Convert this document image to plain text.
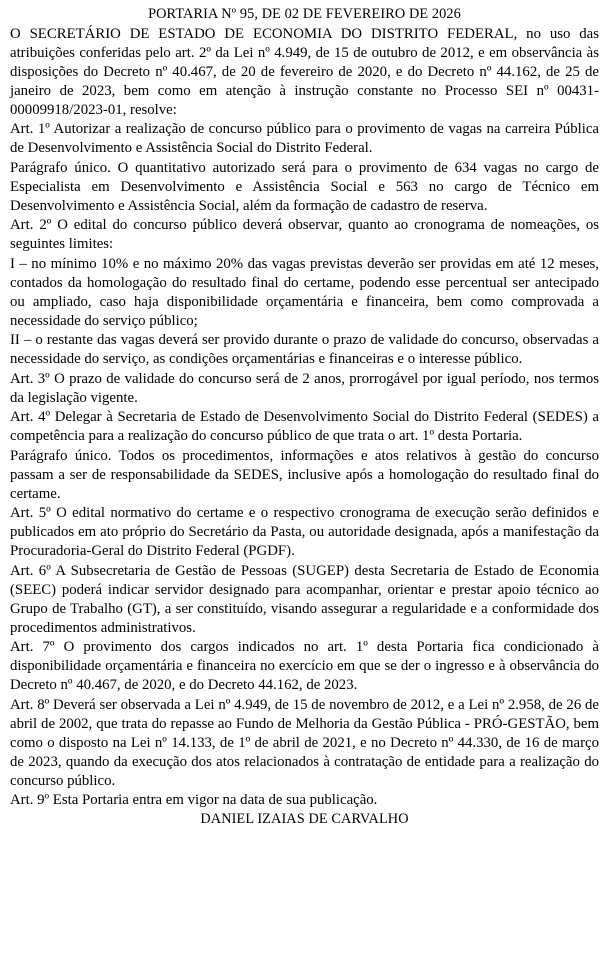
PORTARIA Nº 95, DE 02 DE FEVEREIRO DE 2026

O SECRETÁRIO DE ESTADO DE ECONOMIA DO DISTRITO FEDERAL, no uso das atribuições conferidas pelo art. 2º da Lei nº 4.949, de 15 de outubro de 2012, e em observância às disposições do Decreto nº 40.467, de 20 de fevereiro de 2020, e do Decreto nº 44.162, de 25 de janeiro de 2023, bem como em atenção à instrução constante no Processo SEI nº 00431-00009918/2023-01, resolve:

Art. 1º Autorizar a realização de concurso público para o provimento de vagas na carreira Pública de Desenvolvimento e Assistência Social do Distrito Federal.

Parágrafo único. O quantitativo autorizado será para o provimento de 634 vagas no cargo de Especialista em Desenvolvimento e Assistência Social e 563 no cargo de Técnico em Desenvolvimento e Assistência Social, além da formação de cadastro de reserva.

Art. 2º O edital do concurso público deverá observar, quanto ao cronograma de nomeações, os seguintes limites:

I – no mínimo 10% e no máximo 20% das vagas previstas deverão ser providas em até 12 meses, contados da homologação do resultado final do certame, podendo esse percentual ser antecipado ou ampliado, caso haja disponibilidade orçamentária e financeira, bem como comprovada a necessidade do serviço público;

II – o restante das vagas deverá ser provido durante o prazo de validade do concurso, observadas a necessidade do serviço, as condições orçamentárias e financeiras e o interesse público.

Art. 3º O prazo de validade do concurso será de 2 anos, prorrogável por igual período, nos termos da legislação vigente.

Art. 4º Delegar à Secretaria de Estado de Desenvolvimento Social do Distrito Federal (SEDES) a competência para a realização do concurso público de que trata o art. 1º desta Portaria.

Parágrafo único. Todos os procedimentos, informações e atos relativos à gestão do concurso passam a ser de responsabilidade da SEDES, inclusive após a homologação do resultado final do certame.

Art. 5º O edital normativo do certame e o respectivo cronograma de execução serão definidos e publicados em ato próprio do Secretário da Pasta, ou autoridade designada, após a manifestação da Procuradoria-Geral do Distrito Federal (PGDF).

Art. 6º A Subsecretaria de Gestão de Pessoas (SUGEP) desta Secretaria de Estado de Economia (SEEC) poderá indicar servidor designado para acompanhar, orientar e prestar apoio técnico ao Grupo de Trabalho (GT), a ser constituído, visando assegurar a regularidade e a conformidade dos procedimentos administrativos.

Art. 7º O provimento dos cargos indicados no art. 1º desta Portaria fica condicionado à disponibilidade orçamentária e financeira no exercício em que se der o ingresso e à observância do Decreto nº 40.467, de 2020, e do Decreto 44.162, de 2023.

Art. 8º Deverá ser observada a Lei nº 4.949, de 15 de novembro de 2012, e a Lei nº 2.958, de 26 de abril de 2002, que trata do repasse ao Fundo de Melhoria da Gestão Pública - PRÓ-GESTÃO, bem como o disposto na Lei nº 14.133, de 1º de abril de 2021, e no Decreto nº 44.330, de 16 de março de 2023, quando da execução dos atos relacionados à contratação de entidade para a realização do concurso público.

Art. 9º Esta Portaria entra em vigor na data de sua publicação.

DANIEL IZAIAS DE CARVALHO
